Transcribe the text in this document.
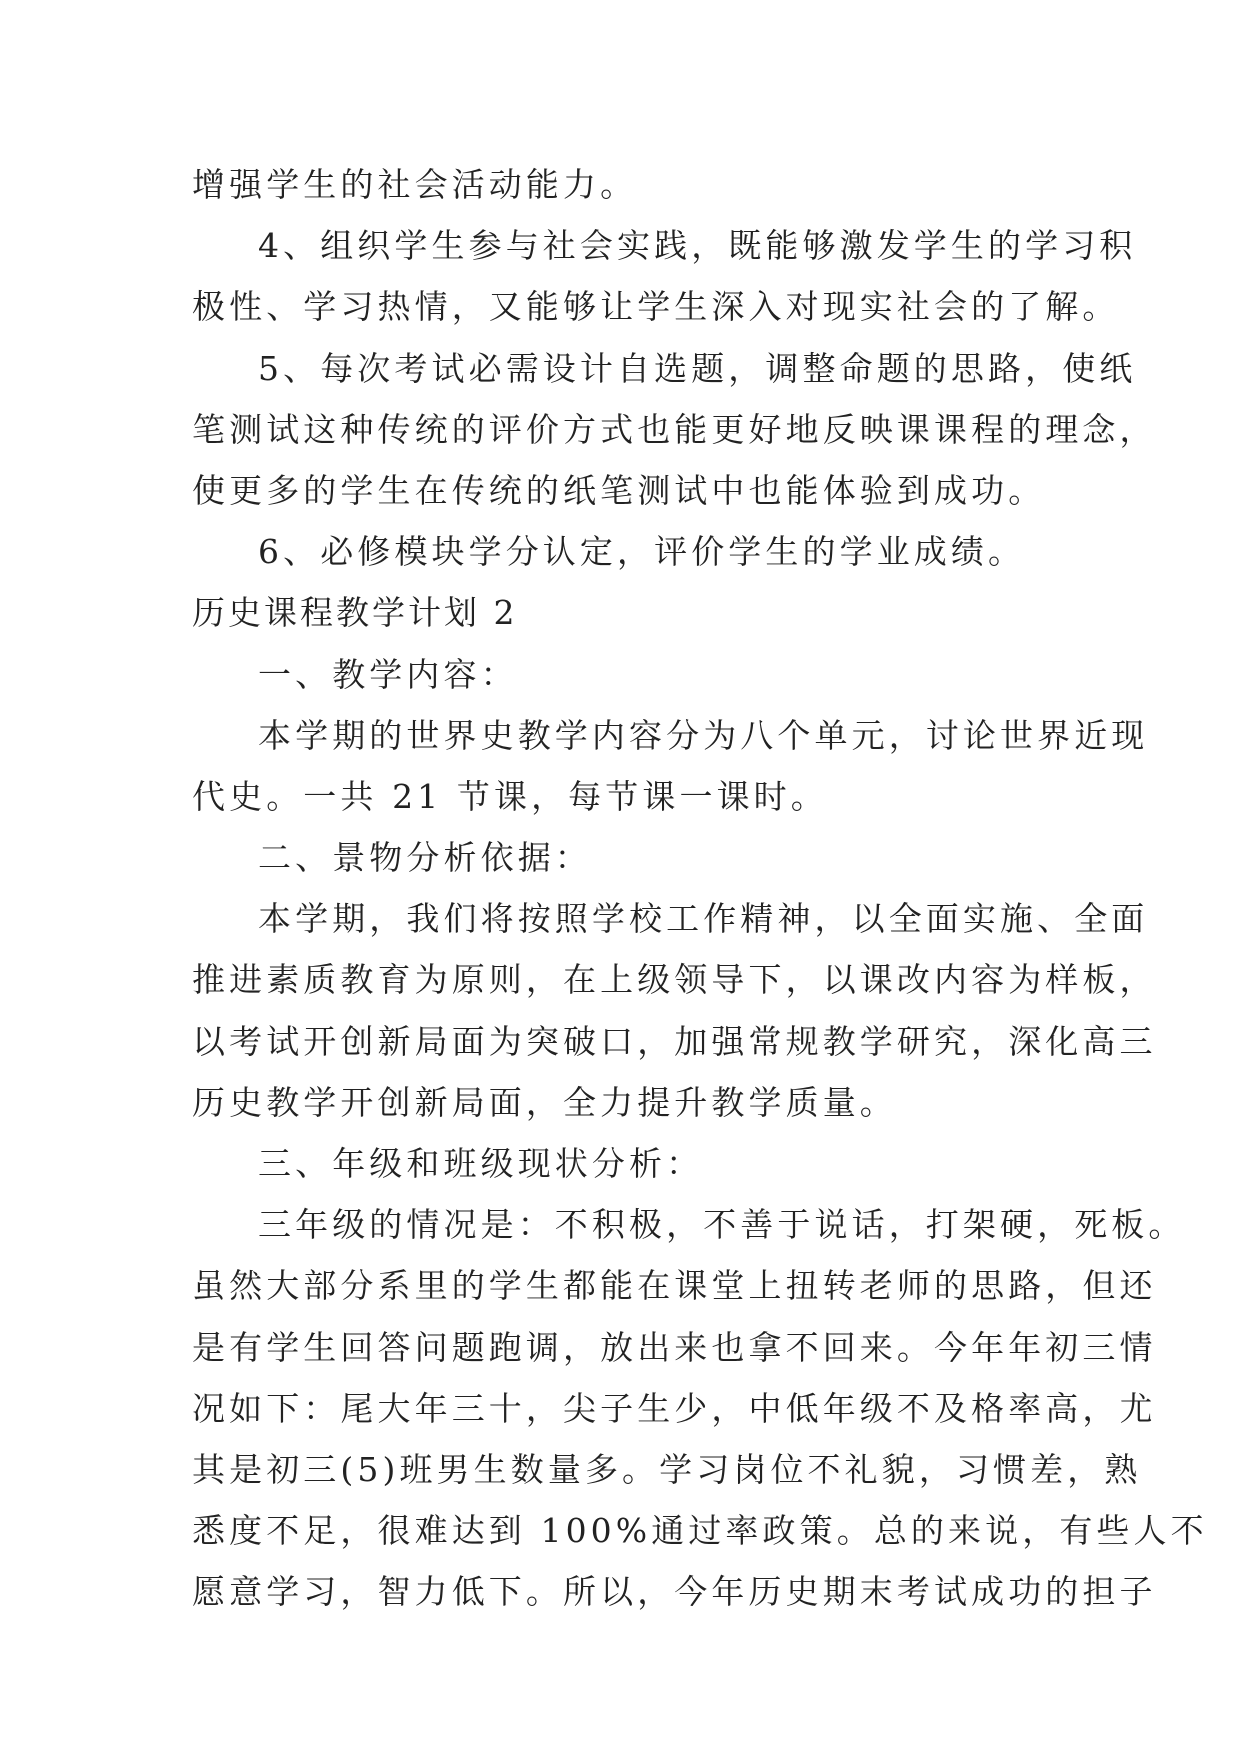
增强学生的社会活动能力。
4、组织学生参与社会实践，既能够激发学生的学习积
极性、学习热情，又能够让学生深入对现实社会的了解。
5、每次考试必需设计自选题，调整命题的思路，使纸
笔测试这种传统的评价方式也能更好地反映课课程的理念，
使更多的学生在传统的纸笔测试中也能体验到成功。
6、必修模块学分认定，评价学生的学业成绩。
历史课程教学计划 2
一、教学内容：
本学期的世界史教学内容分为八个单元，讨论世界近现
代史。一共 21 节课，每节课一课时。
二、景物分析依据：
本学期，我们将按照学校工作精神，以全面实施、全面
推进素质教育为原则，在上级领导下，以课改内容为样板，
以考试开创新局面为突破口，加强常规教学研究，深化高三
历史教学开创新局面，全力提升教学质量。
三、年级和班级现状分析：
三年级的情况是：不积极，不善于说话，打架硬，死板。
虽然大部分系里的学生都能在课堂上扭转老师的思路，但还
是有学生回答问题跑调，放出来也拿不回来。今年年初三情
况如下：尾大年三十，尖子生少，中低年级不及格率高，尤
其是初三(5)班男生数量多。学习岗位不礼貌，习惯差，熟
悉度不足，很难达到 100%通过率政策。总的来说，有些人不
愿意学习，智力低下。所以，今年历史期末考试成功的担子
